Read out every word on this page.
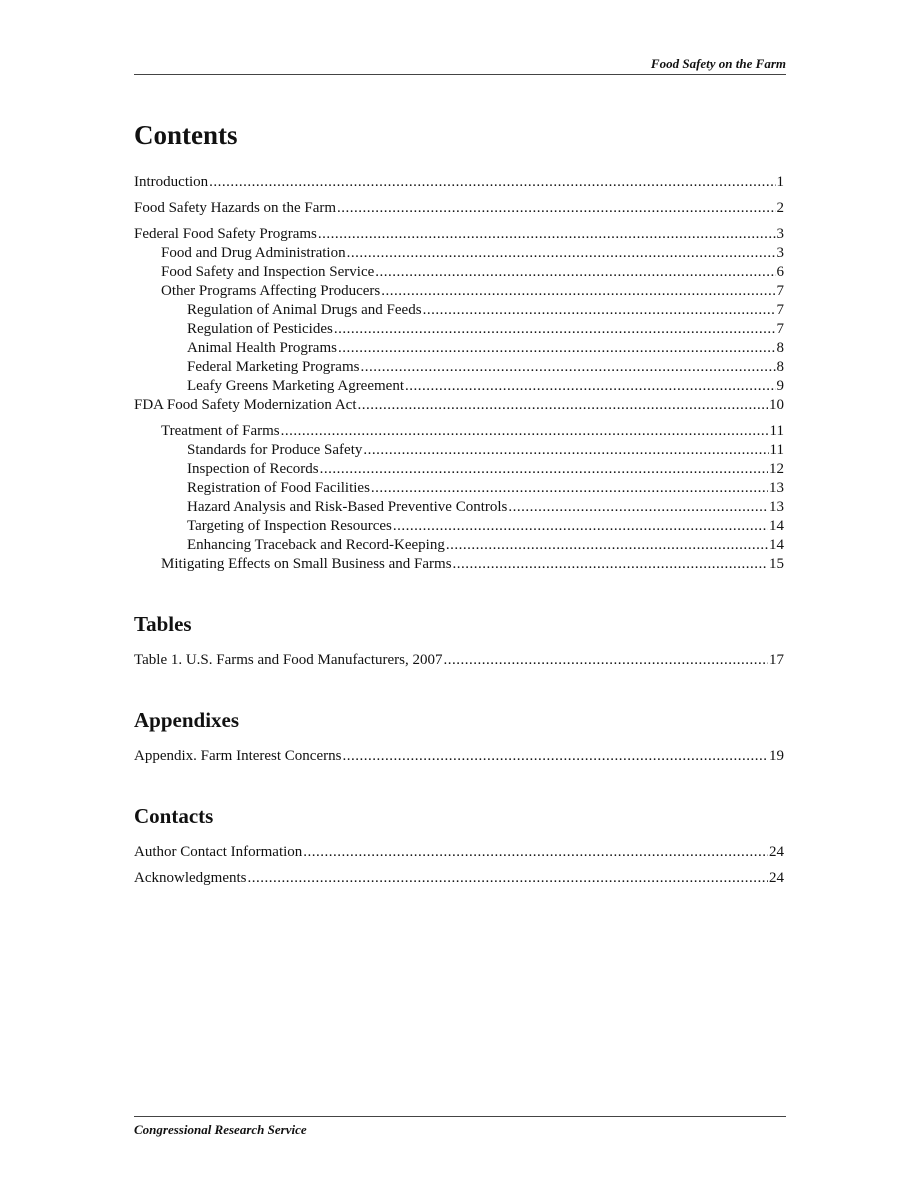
Food Safety on the Farm
Contents
Introduction .....	1
Food Safety Hazards on the Farm .....	2
Federal Food Safety Programs .....	3
Food and Drug Administration .....	3
Food Safety and Inspection Service .....	6
Other Programs Affecting Producers .....	7
Regulation of Animal Drugs and Feeds .....	7
Regulation of Pesticides .....	7
Animal Health Programs .....	8
Federal Marketing Programs .....	8
Leafy Greens Marketing Agreement .....	9
FDA Food Safety Modernization Act .....	10
Treatment of Farms .....	11
Standards for Produce Safety .....	11
Inspection of Records .....	12
Registration of Food Facilities .....	13
Hazard Analysis and Risk-Based Preventive Controls .....	13
Targeting of Inspection Resources .....	14
Enhancing Traceback and Record-Keeping .....	14
Mitigating Effects on Small Business and Farms .....	15
Tables
Table 1. U.S. Farms and Food Manufacturers, 2007 .....	17
Appendixes
Appendix. Farm Interest Concerns .....	19
Contacts
Author Contact Information .....	24
Acknowledgments .....	24
Congressional Research Service
